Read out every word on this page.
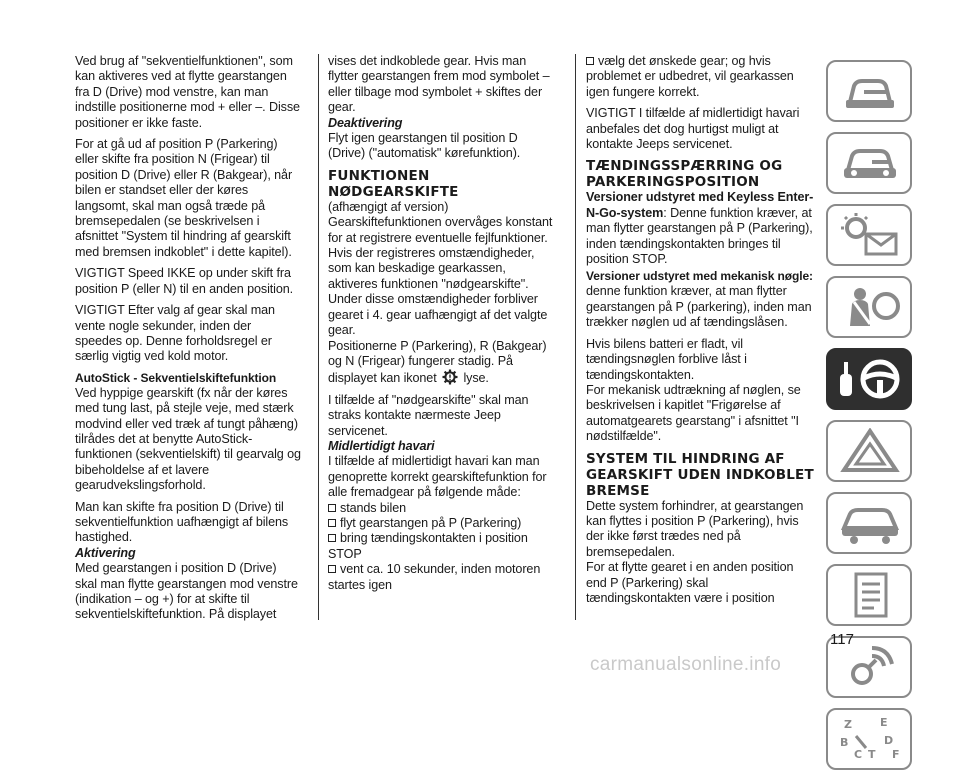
Ved brug af "sekventielfunktionen", som kan aktiveres ved at flytte gearstangen fra D (Drive) mod venstre, kan man indstille positionerne mod + eller –. Disse positioner er ikke faste.

For at gå ud af position P (Parkering) eller skifte fra position N (Frigear) til position D (Drive) eller R (Bakgear), når bilen er standset eller der køres langsomt, skal man også træde på bremsepedalen (se beskrivelsen i afsnittet "System til hindring af gearskift med bremsen indkoblet" i dette kapitel).

VIGTIGT Speed IKKE op under skift fra position P (eller N) til en anden position.

VIGTIGT Efter valg af gear skal man vente nogle sekunder, inden der speedes op. Denne forholdsregel er særlig vigtig ved kold motor.

AutoStick - Sekventielskiftefunktion

Ved hyppige gearskift (fx når der køres med tung last, på stejle veje, med stærk modvind eller ved træk af tungt påhæng) tilrådes det at benytte AutoStick-funktionen (sekventielskift) til gearvalg og bibeholdelse af et lavere gearudvekslingsforhold.

Man kan skifte fra position D (Drive) til sekventielfunktion uafhængigt af bilens hastighed.

Aktivering

Med gearstangen i position D (Drive) skal man flytte gearstangen mod venstre (indikation – og +) for at skifte til sekventielskiftefunktion. På displayet

vises det indkoblede gear. Hvis man flytter gearstangen frem mod symbolet – eller tilbage mod symbolet + skiftes der gear.

Deaktivering

Flyt igen gearstangen til position D (Drive) ("automatisk" kørefunktion).

FUNKTIONEN NØDGEARSKIFTE

(afhængigt af version)

Gearskiftefunktionen overvåges konstant for at registrere eventuelle fejlfunktioner. Hvis der registreres omstændigheder, som kan beskadige gearkassen, aktiveres funktionen "nødgearskifte".

Under disse omstændigheder forbliver gearet i 4. gear uafhængigt af det valgte gear.

Positionerne P (Parkering), R (Bakgear) og N (Frigear) fungerer stadig. På displayet kan ikonet lyse.

I tilfælde af "nødgearskifte" skal man straks kontakte nærmeste Jeep servicenet.

Midlertidigt havari

I tilfælde af midlertidigt havari kan man genoprette korrekt gearskiftefunktion for alle fremadgear på følgende måde:

stands bilen

flyt gearstangen på P (Parkering)

bring tændingskontakten i position STOP

vent ca. 10 sekunder, inden motoren startes igen

vælg det ønskede gear; og hvis problemet er udbedret, vil gearkassen igen fungere korrekt.

VIGTIGT I tilfælde af midlertidigt havari anbefales det dog hurtigst muligt at kontakte Jeeps servicenet.

TÆNDINGSSPÆRRING OG PARKERINGSPOSITION

Versioner udstyret med Keyless Enter-N-Go-system: Denne funktion kræver, at man flytter gearstangen på P (Parkering), inden tændingskontakten bringes til position STOP.

Versioner udstyret med mekanisk nøgle:

denne funktion kræver, at man flytter gearstangen på P (parkering), inden man trækker nøglen ud af tændingslåsen.

Hvis bilens batteri er fladt, vil tændingsnøglen forblive låst i tændingskontakten.

For mekanisk udtrækning af nøglen, se beskrivelsen i kapitlet "Frigørelse af automatgearets gearstang" i afsnittet "I nødstilfælde".

SYSTEM TIL HINDRING AF GEARSKIFT UDEN INDKOBLET BREMSE

Dette system forhindrer, at gearstangen kan flyttes i position P (Parkering), hvis der ikke først trædes ned på bremsepedalen.

For at flytte gearet i en anden position end P (Parkering) skal tændingskontakten være i position

Z	E
B	D
C T F
117
carmanualsonline.info
